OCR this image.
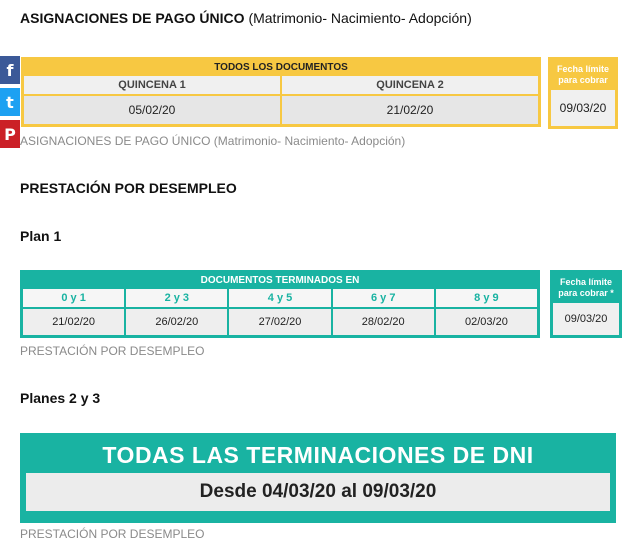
f
t
P
ASIGNACIONES DE PAGO ÚNICO (Matrimonio- Nacimiento- Adopción)
TODOS LOS DOCUMENTOS
QUINCENA 1
05/02/20
QUINCENA 2
21/02/20
Fecha límite para cobrar
09/03/20
ASIGNACIONES DE PAGO ÚNICO (Matrimonio- Nacimiento- Adopción)
PRESTACIÓN POR DESEMPLEO
Plan 1
DOCUMENTOS TERMINADOS EN
0 y 1
21/02/20
2 y 3
26/02/20
4 y 5
27/02/20
6 y 7
28/02/20
8 y 9
02/03/20
Fecha límite para cobrar *
09/03/20
PRESTACIÓN POR DESEMPLEO
Planes 2 y 3
TODAS LAS TERMINACIONES DE DNI
Desde 04/03/20 al 09/03/20
PRESTACIÓN POR DESEMPLEO
